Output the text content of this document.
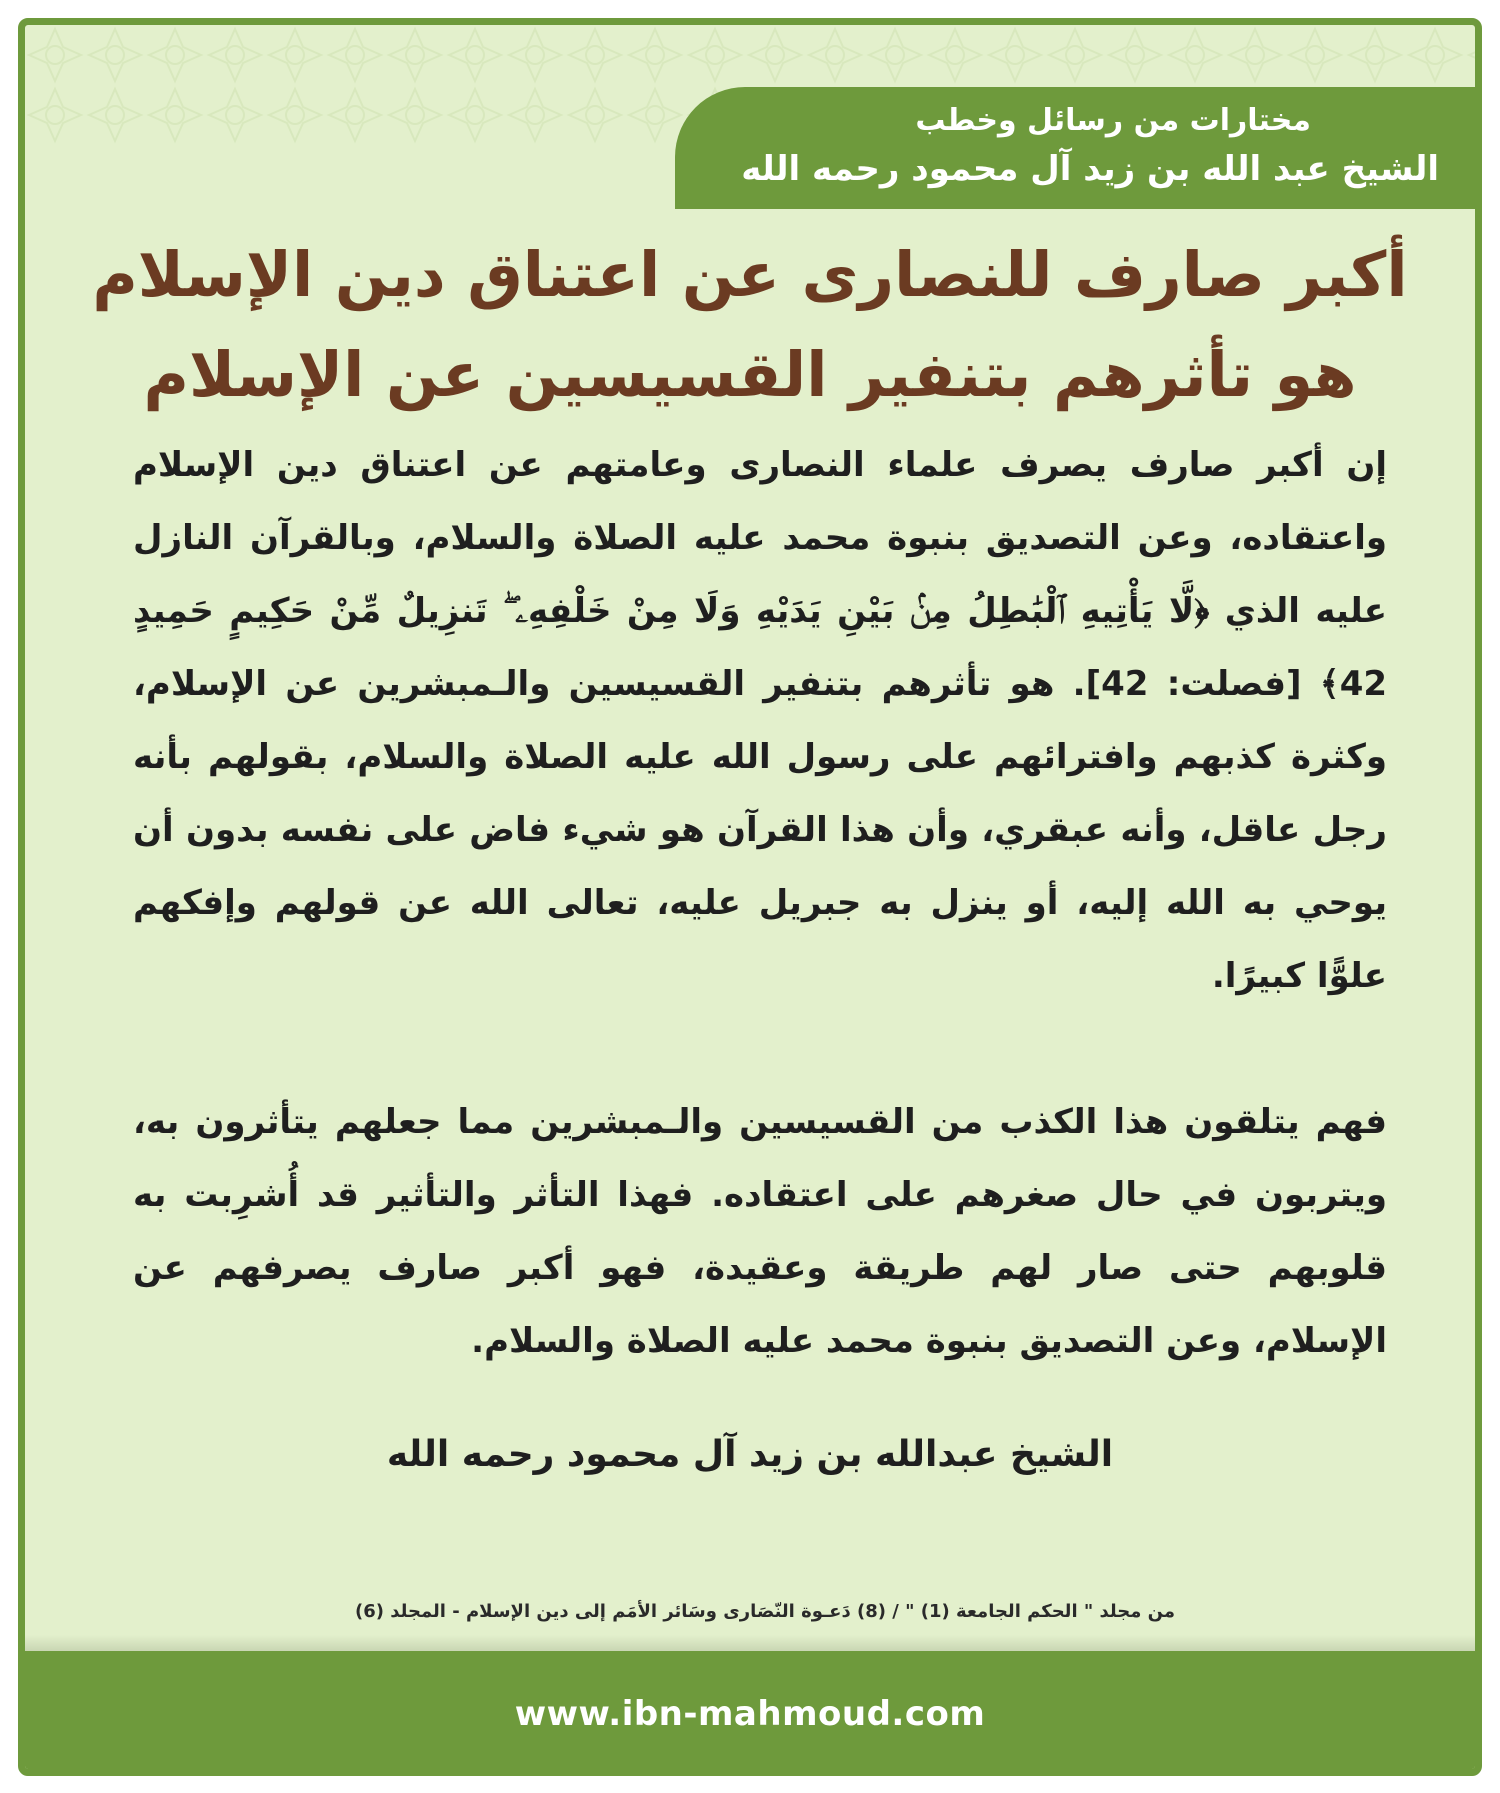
مختارات من رسائل وخطب
الشيخ عبد الله بن زيد آل محمود رحمه الله
أكبر صارف للنصارى عن اعتناق دين الإسلام
هو تأثرهم بتنفير القسيسين عن الإسلام

إن أكبر صارف يصرف علماء النصارى وعامتهم عن اعتناق دين الإسلام واعتقاده، وعن التصديق بنبوة محمد عليه الصلاة والسلام، وبالقرآن النازل عليه الذي ﴿لَّا يَأْتِيهِ ٱلْبَٰطِلُ مِنۢ بَيْنِ يَدَيْهِ وَلَا مِنْ خَلْفِهِۦ ۖ تَنزِيلٌ مِّنْ حَكِيمٍ حَمِيدٍ 42﴾ [فصلت: 42]. هو تأثرهم بتنفير القسيسين والـمبشرين عن الإسلام، وكثرة كذبهم وافترائهم على رسول الله عليه الصلاة والسلام، بقولهم بأنه رجل عاقل، وأنه عبقري، وأن هذا القرآن هو شيء فاض على نفسه بدون أن يوحي به الله إليه، أو ينزل به جبريل عليه، تعالى الله عن قولهم وإفكهم علوًّا كبيرًا.

فهم يتلقون هذا الكذب من القسيسين والـمبشرين مما جعلهم يتأثرون به، ويتربون في حال صغرهم على اعتقاده. فهذا التأثر والتأثير قد أُشرِبت به قلوبهم حتى صار لهم طريقة وعقيدة، فهو أكبر صارف يصرفهم عن الإسلام، وعن التصديق بنبوة محمد عليه الصلاة والسلام.

الشيخ عبدالله بن زيد آل محمود رحمه الله
من مجلد " الحكم الجامعة (1) " / (8) دَعـوة النّصَارى وسَائر الأمَم إلى دين الإسلام - المجلد (6)
www.ibn-mahmoud.com
